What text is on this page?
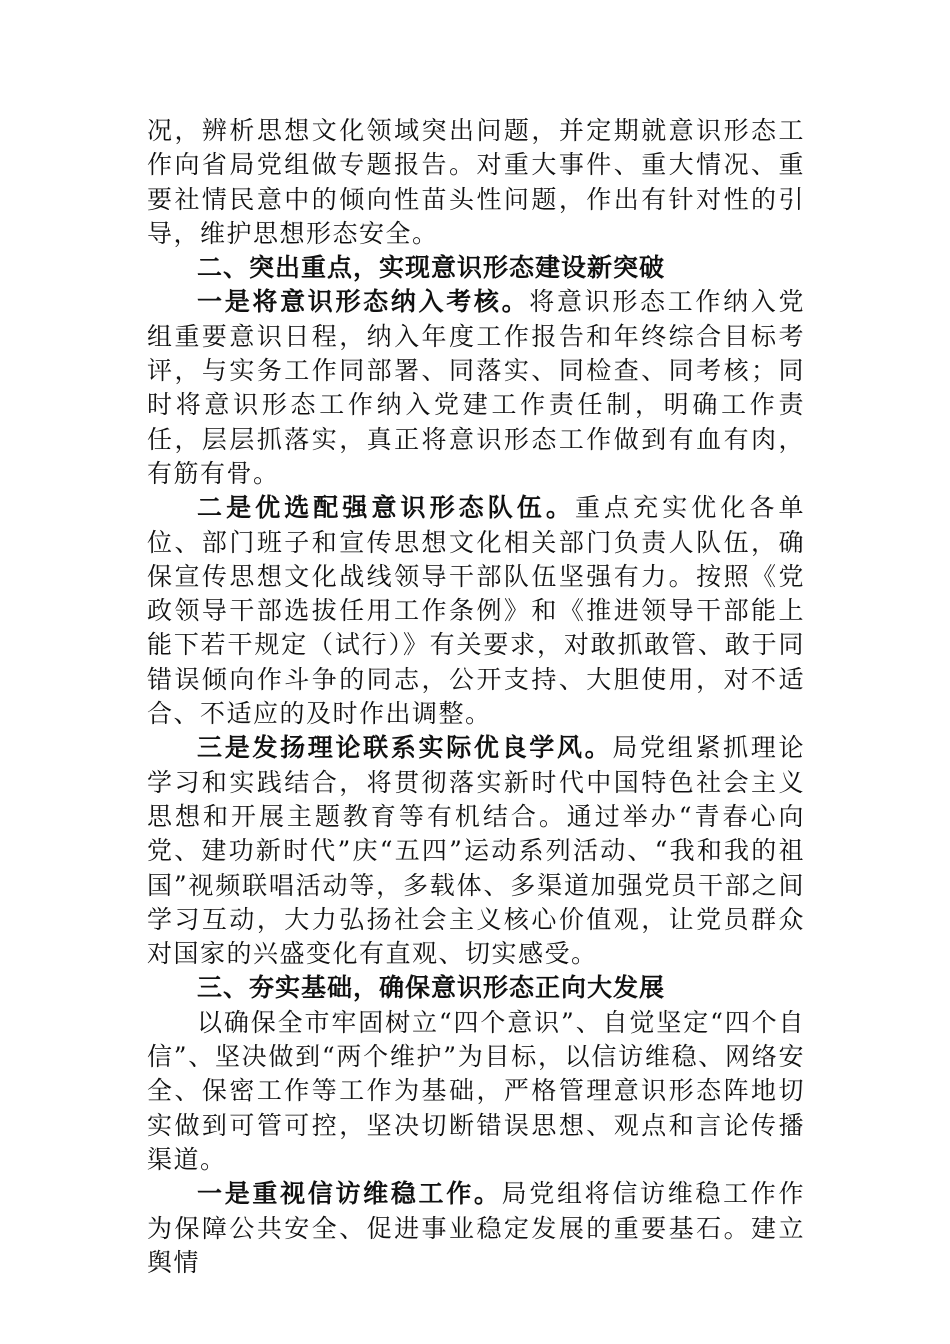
况，辨析思想文化领域突出问题，并定期就意识形态工作向省局党组做专题报告。对重大事件、重大情况、重要社情民意中的倾向性苗头性问题，作出有针对性的引导，维护思想形态安全。

二、突出重点，实现意识形态建设新突破

一是将意识形态纳入考核。将意识形态工作纳入党组重要意识日程，纳入年度工作报告和年终综合目标考评，与实务工作同部署、同落实、同检查、同考核；同时将意识形态工作纳入党建工作责任制，明确工作责任，层层抓落实，真正将意识形态工作做到有血有肉，有筋有骨。

二是优选配强意识形态队伍。重点充实优化各单位、部门班子和宣传思想文化相关部门负责人队伍，确保宣传思想文化战线领导干部队伍坚强有力。按照《党政领导干部选拔任用工作条例》和《推进领导干部能上能下若干规定（试行）》有关要求，对敢抓敢管、敢于同错误倾向作斗争的同志，公开支持、大胆使用，对不适合、不适应的及时作出调整。

三是发扬理论联系实际优良学风。局党组紧抓理论学习和实践结合，将贯彻落实新时代中国特色社会主义思想和开展主题教育等有机结合。通过举办“青春心向党、建功新时代”庆“五四”运动系列活动、“我和我的祖国”视频联唱活动等，多载体、多渠道加强党员干部之间学习互动，大力弘扬社会主义核心价值观，让党员群众对国家的兴盛变化有直观、切实感受。

三、夯实基础，确保意识形态正向大发展

以确保全市牢固树立“四个意识”、自觉坚定“四个自信”、坚决做到“两个维护”为目标，以信访维稳、网络安全、保密工作等工作为基础，严格管理意识形态阵地切实做到可管可控，坚决切断错误思想、观点和言论传播渠道。

一是重视信访维稳工作。局党组将信访维稳工作作为保障公共安全、促进事业稳定发展的重要基石。建立舆情
